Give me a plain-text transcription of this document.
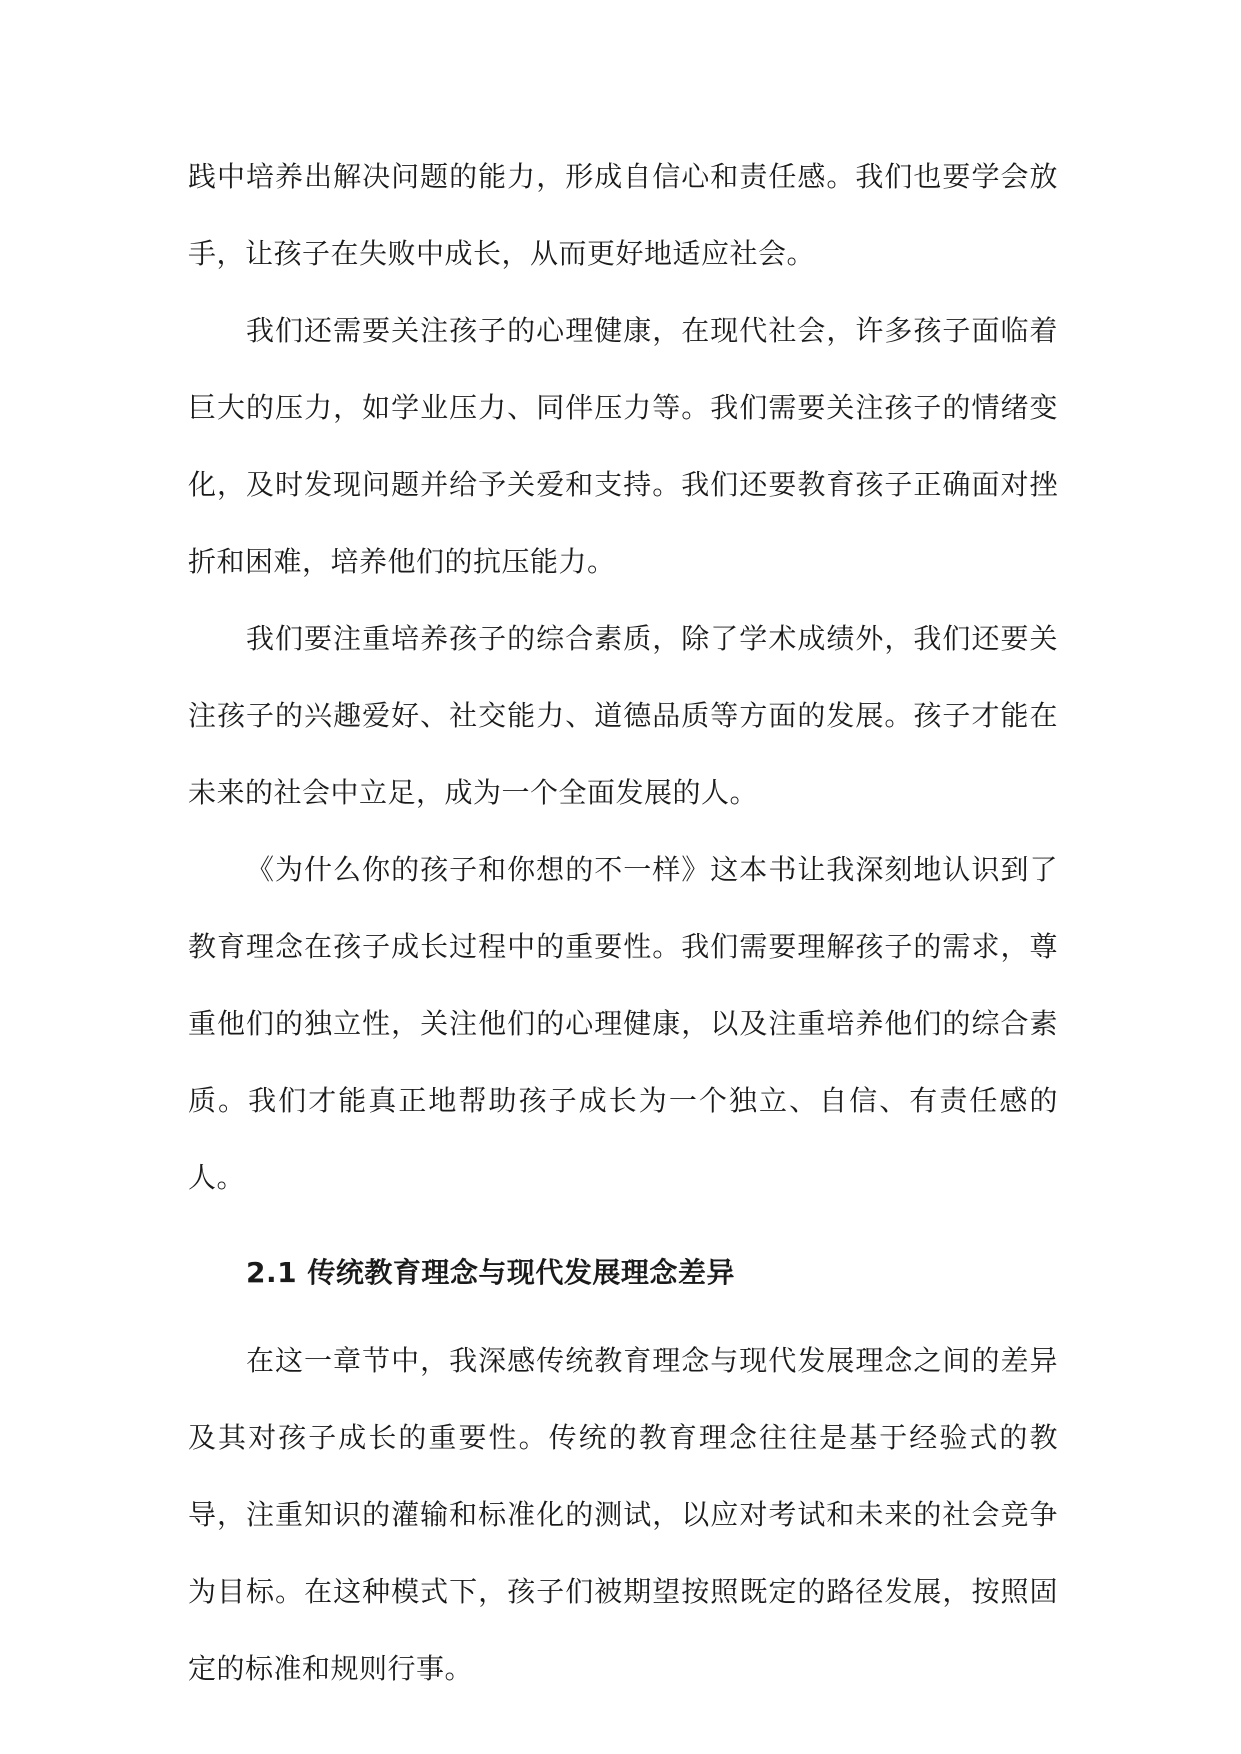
践中培养出解决问题的能力，形成自信心和责任感。我们也要学会放手，让孩子在失败中成长，从而更好地适应社会。

我们还需要关注孩子的心理健康，在现代社会，许多孩子面临着巨大的压力，如学业压力、同伴压力等。我们需要关注孩子的情绪变化，及时发现问题并给予关爱和支持。我们还要教育孩子正确面对挫折和困难，培养他们的抗压能力。

我们要注重培养孩子的综合素质，除了学术成绩外，我们还要关注孩子的兴趣爱好、社交能力、道德品质等方面的发展。孩子才能在未来的社会中立足，成为一个全面发展的人。

《为什么你的孩子和你想的不一样》这本书让我深刻地认识到了教育理念在孩子成长过程中的重要性。我们需要理解孩子的需求，尊重他们的独立性，关注他们的心理健康，以及注重培养他们的综合素质。我们才能真正地帮助孩子成长为一个独立、自信、有责任感的人。

2.1 传统教育理念与现代发展理念差异

在这一章节中，我深感传统教育理念与现代发展理念之间的差异及其对孩子成长的重要性。传统的教育理念往往是基于经验式的教导，注重知识的灌输和标准化的测试，以应对考试和未来的社会竞争为目标。在这种模式下，孩子们被期望按照既定的路径发展，按照固定的标准和规则行事。
